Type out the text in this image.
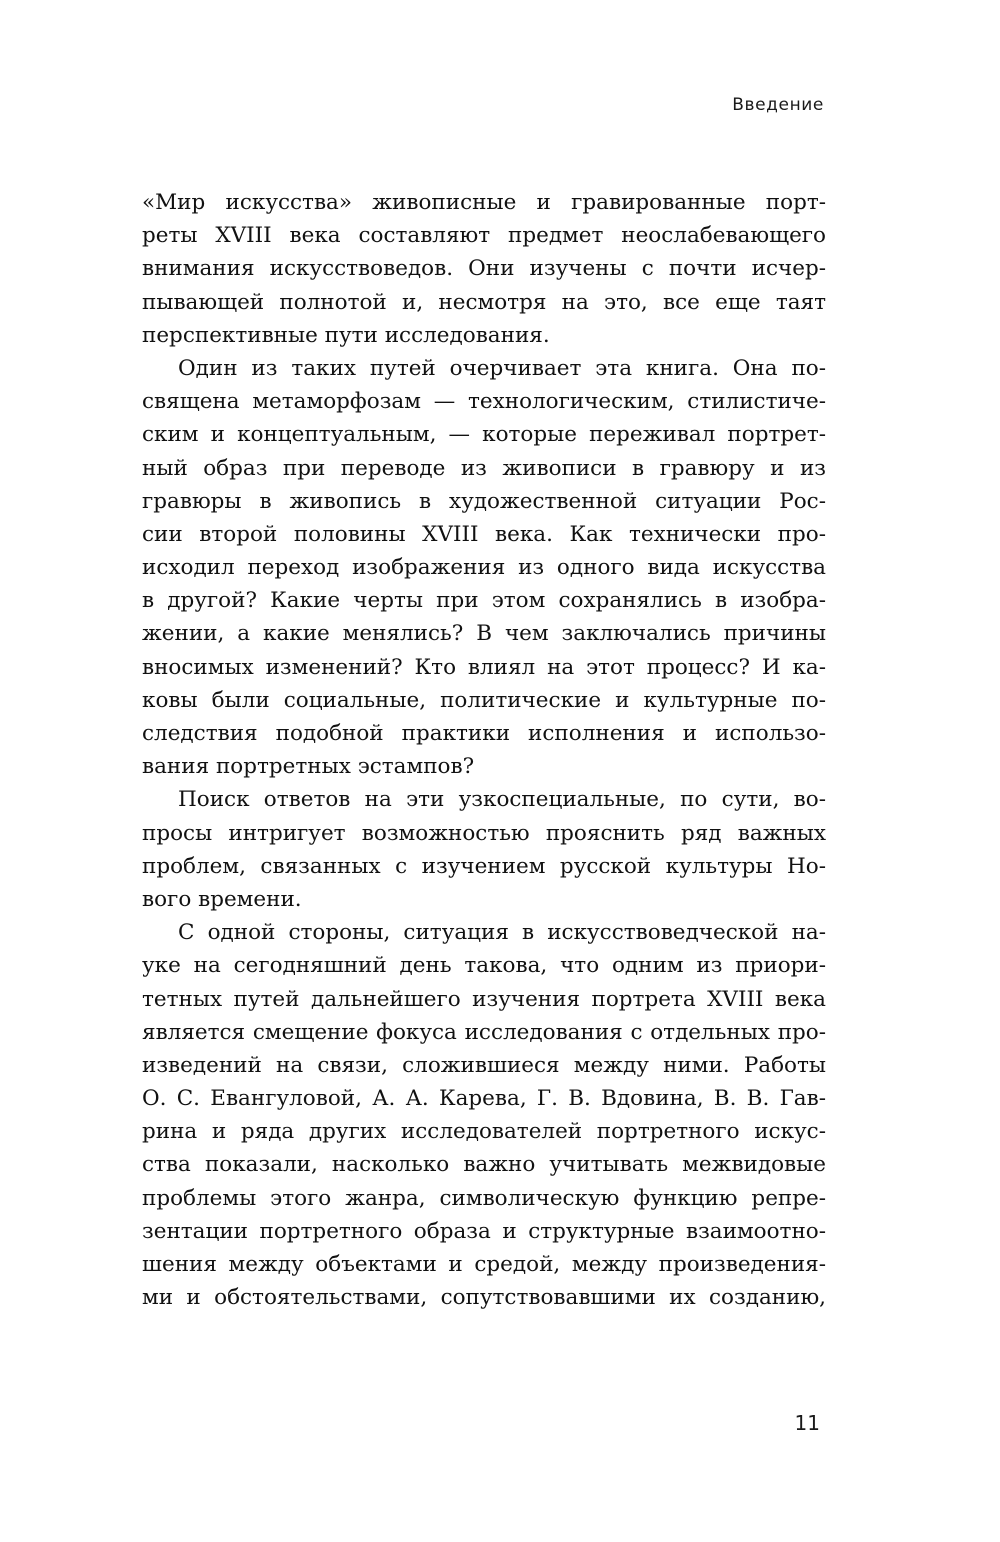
Введение
«Мир искусства» живописные и гравированные порт-
реты XVIII века составляют предмет неослабевающего
внимания искусствоведов. Они изучены с почти исчер-
пывающей полнотой и, несмотря на это, все еще таят
перспективные пути исследования.
Один из таких путей очерчивает эта книга. Она по-
священа метаморфозам — технологическим, стилистиче-
ским и концептуальным, — которые переживал портрет-
ный образ при переводе из живописи в гравюру и из
гравюры в живопись в художественной ситуации Рос-
сии второй половины XVIII века. Как технически про-
исходил переход изображения из одного вида искусства
в другой? Какие черты при этом сохранялись в изобра-
жении, а какие менялись? В чем заключались причины
вносимых изменений? Кто влиял на этот процесс? И ка-
ковы были социальные, политические и культурные по-
следствия подобной практики исполнения и использо-
вания портретных эстампов?
Поиск ответов на эти узкоспециальные, по сути, во-
просы интригует возможностью прояснить ряд важных
проблем, связанных с изучением русской культуры Но-
вого времени.
С одной стороны, ситуация в искусствоведческой на-
уке на сегодняшний день такова, что одним из приори-
тетных путей дальнейшего изучения портрета XVIII века
является смещение фокуса исследования с отдельных про-
изведений на связи, сложившиеся между ними. Работы
О. С. Евангуловой, А. А. Карева, Г. В. Вдовина, В. В. Гав-
рина и ряда других исследователей портретного искус-
ства показали, насколько важно учитывать межвидовые
проблемы этого жанра, символическую функцию репре-
зентации портретного образа и структурные взаимоотно-
шения между объектами и средой, между произведения-
ми и обстоятельствами, сопутствовавшими их созданию,
11
